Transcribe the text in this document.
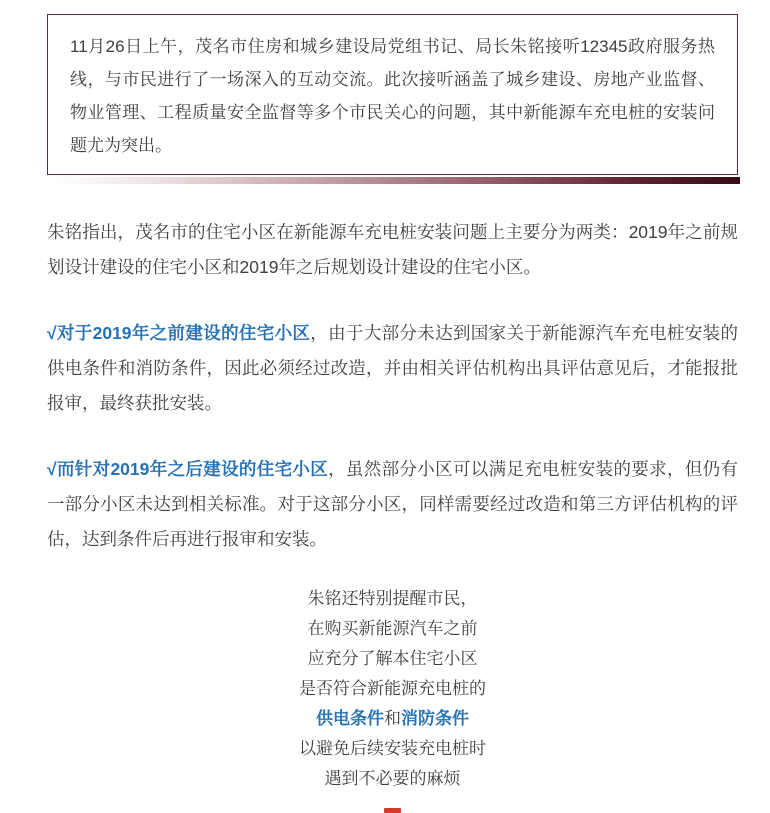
11月26日上午，茂名市住房和城乡建设局党组书记、局长朱铭接听12345政府服务热线，与市民进行了一场深入的互动交流。此次接听涵盖了城乡建设、房地产业监督、物业管理、工程质量安全监督等多个市民关心的问题，其中新能源车充电桩的安装问题尤为突出。

朱铭指出，茂名市的住宅小区在新能源车充电桩安装问题上主要分为两类：2019年之前规划设计建设的住宅小区和2019年之后规划设计建设的住宅小区。

√对于2019年之前建设的住宅小区，由于大部分未达到国家关于新能源汽车充电桩安装的供电条件和消防条件，因此必须经过改造，并由相关评估机构出具评估意见后，才能报批报审，最终获批安装。

√而针对2019年之后建设的住宅小区，虽然部分小区可以满足充电桩安装的要求，但仍有一部分小区未达到相关标准。对于这部分小区，同样需要经过改造和第三方评估机构的评估，达到条件后再进行报审和安装。

朱铭还特别提醒市民，
在购买新能源汽车之前
应充分了解本住宅小区
是否符合新能源充电桩的
供电条件和消防条件
以避免后续安装充电桩时
遇到不必要的麻烦
